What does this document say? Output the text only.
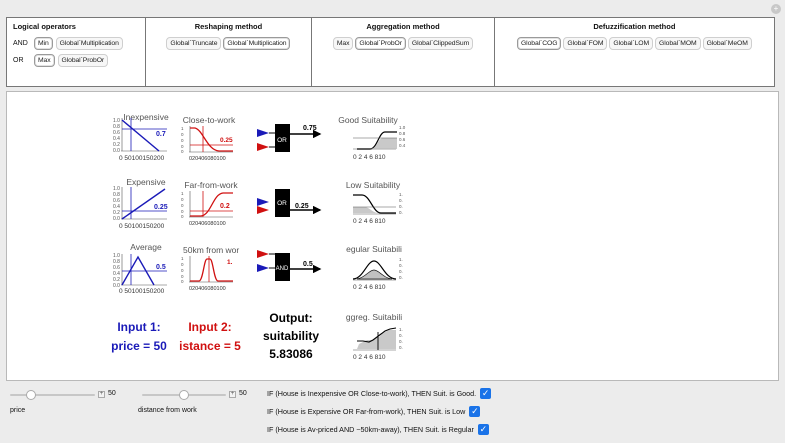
+
Logical operators
AND	Min	Global`Multiplication
OR	Max	Global`ProbOr
Reshaping method
Global`Truncate	Global`Multiplication
Aggregation method
Max	Global`ProbOr	Global`ClippedSum
Defuzzification method
Global`COG	Global`FOM	Global`LOM	Global`MOM	Global`MeOM
Inexpensive
1.0
0.8
0.6
0.4
0.2
0.0
0.7
0 50100150200
Close-to-work
1
0
0
0
0
0.25
020406080100
OR
0.75
Good Suitability
1.0
0.8
0.6
0.4
0 2 4 6 810
Expensive
1.0
0.8
0.6
0.4
0.2
0.0
0.25
0 50100150200
Far-from-work
1
0
0
0
0
0.2
020406080100
OR 0.25
Low Suitability
1.
0.
0.
0.
0 2 4 6 810
Average
1.0
0.8
0.6
0.4
0.2
0.0
0.5
0 50100150200
50km from wor
1
0
0
0
0
1.
020406080100
AND
0.5
egular Suitabili
1.
0.
0.
0.
0 2 4 6 810
Input 1:
price = 50
Input 2:
istance = 5
Output:
suitability
5.83086
ggreg. Suitabili
1.
0.
0.
0.
0 2 4 6 810
+ 50
price
+ 50
distance from work
IF (House is Inexpensive OR Close-to-work), THEN Suit. is Good. ✓
IF (House is Expensive OR Far-from-work), THEN Suit. is Low ✓
IF (House is Av-priced AND ~50km-away), THEN Suit. is Regular ✓
